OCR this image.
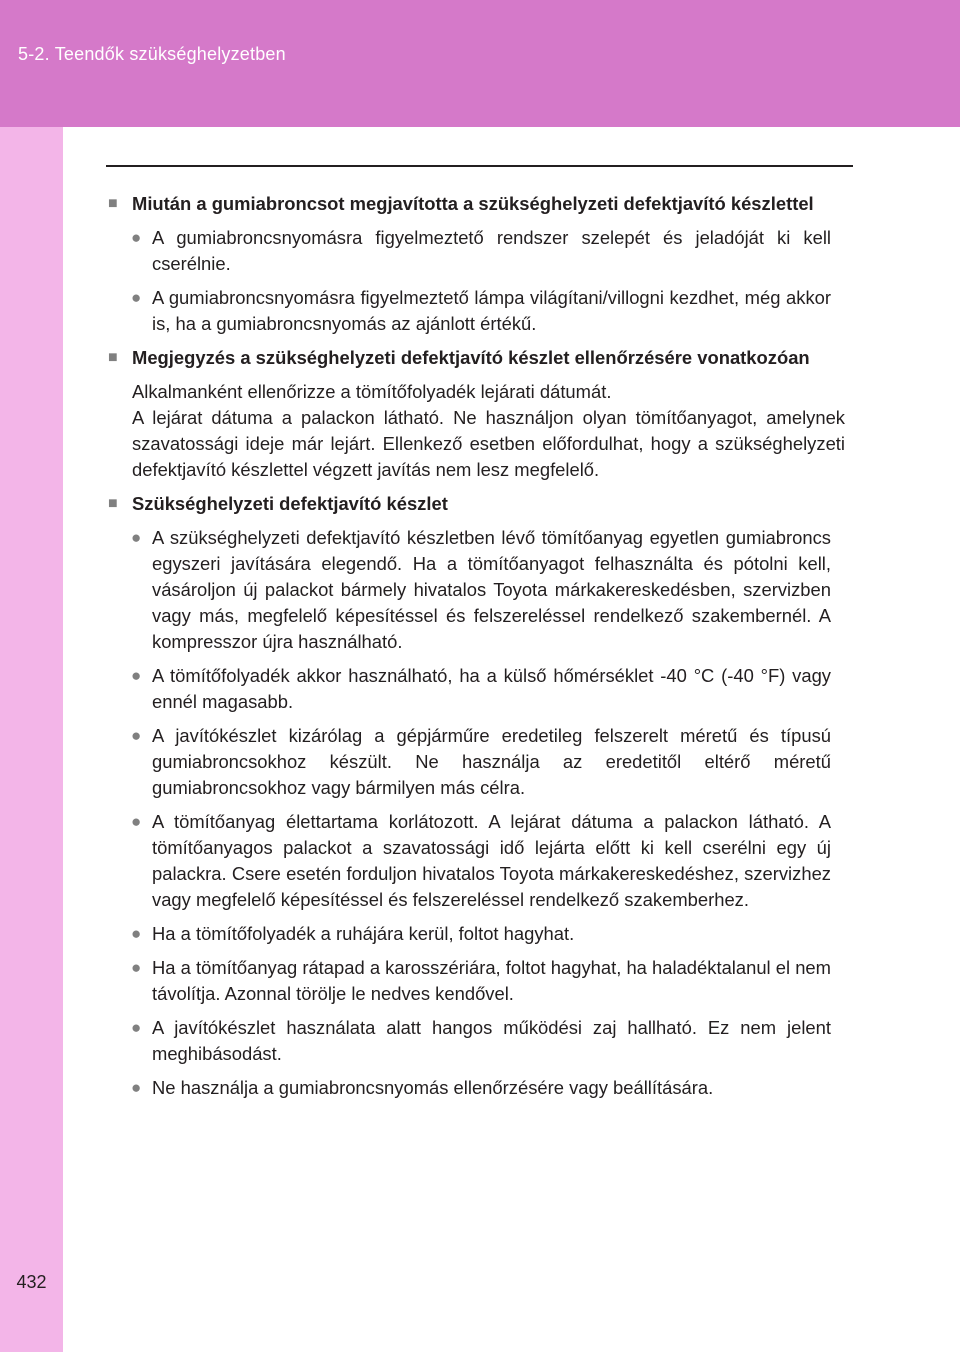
5-2. Teendők szükséghelyzetben
432
■ Miután a gumiabroncsot megjavította a szükséghelyzeti defektjavító készlettel
● A gumiabroncsnyomásra figyelmeztető rendszer szelepét és jeladóját ki kell cserélnie.
● A gumiabroncsnyomásra figyelmeztető lámpa világítani/villogni kezdhet, még akkor is, ha a gumiabroncsnyomás az ajánlott értékű.
■ Megjegyzés a szükséghelyzeti defektjavító készlet ellenőrzésére vonatkozóan
Alkalmanként ellenőrizze a tömítőfolyadék lejárati dátumát.
A lejárat dátuma a palackon látható. Ne használjon olyan tömítőanyagot, amelynek szavatossági ideje már lejárt. Ellenkező esetben előfordulhat, hogy a szükséghelyzeti defektjavító készlettel végzett javítás nem lesz megfelelő.
■ Szükséghelyzeti defektjavító készlet
● A szükséghelyzeti defektjavító készletben lévő tömítőanyag egyetlen gumiabroncs egyszeri javítására elegendő. Ha a tömítőanyagot felhasználta és pótolni kell, vásároljon új palackot bármely hivatalos Toyota márkakereskedésben, szervizben vagy más, megfelelő képesítéssel és felszereléssel rendelkező szakembernél. A kompresszor újra használható.
● A tömítőfolyadék akkor használható, ha a külső hőmérséklet -40 °C (-40 °F) vagy ennél magasabb.
● A javítókészlet kizárólag a gépjárműre eredetileg felszerelt méretű és típusú gumiabroncsokhoz készült. Ne használja az eredetitől eltérő méretű gumiabroncsokhoz vagy bármilyen más célra.
● A tömítőanyag élettartama korlátozott. A lejárat dátuma a palackon látható. A tömítőanyagos palackot a szavatossági idő lejárta előtt ki kell cserélni egy új palackra. Csere esetén forduljon hivatalos Toyota márkakereskedéshez, szervizhez vagy megfelelő képesítéssel és felszereléssel rendelkező szakemberhez.
● Ha a tömítőfolyadék a ruhájára kerül, foltot hagyhat.
● Ha a tömítőanyag rátapad a karosszériára, foltot hagyhat, ha haladéktalanul el nem távolítja. Azonnal törölje le nedves kendővel.
● A javítókészlet használata alatt hangos működési zaj hallható. Ez nem jelent meghibásodást.
● Ne használja a gumiabroncsnyomás ellenőrzésére vagy beállítására.
